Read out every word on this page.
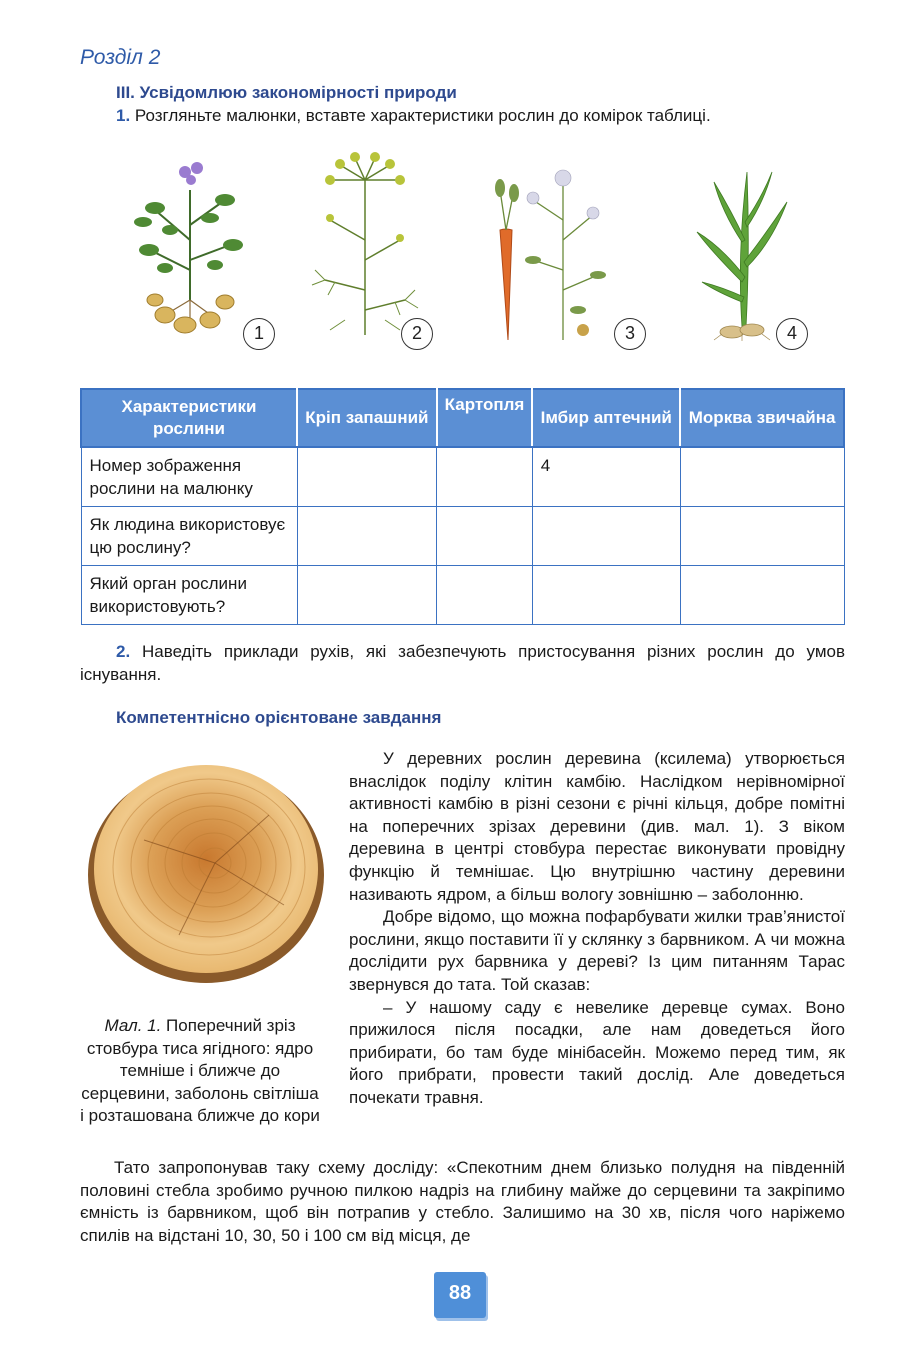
Розділ 2
III. Усвідомлюю закономірності природи
1. Розгляньте малюнки, вставте характеристики рослин до комірок таблиці.
1	2	3	4
Характеристики рослини	Кріп запашний	Картопля	Імбир аптечний	Морква звичайна
Номер зображення рослини на малюнку			4	
Як людина використовує цю рослину?				
Який орган рослини використовують?				
2. Наведіть приклади рухів, які забезпечують пристосування різних рослин до умов існування.
Компетентнісно орієнтоване завдання
Мал. 1. Поперечний зріз стовбура тиса ягідного: ядро темніше і ближче до серцевини, заболонь світліша і розташована ближче до кори

У деревних рослин деревина (ксилема) утворюється внаслідок поділу клітин камбію. Наслідком нерівномірної активності камбію в різні сезони є річні кільця, добре помітні на поперечних зрізах деревини (див. мал. 1). З віком деревина в центрі стовбура перестає виконувати провідну функцію й темнішає. Цю внутрішню частину деревини називають ядром, а більш вологу зовнішню – заболонню.

Добре відомо, що можна пофарбувати жилки трав’янистої рослини, якщо поставити її у склянку з барвником. А чи можна дослідити рух барвника у дереві? Із цим питанням Тарас звернувся до тата. Той сказав:

– У нашому саду є невелике деревце сумах. Воно прижилося після посадки, але нам доведеться його прибирати, бо там буде мінібасейн. Можемо перед тим, як його прибрати, провести такий дослід. Але доведеться почекати травня.

Тато запропонував таку схему досліду: «Спекотним днем близько полудня на південній половині стебла зробимо ручною пилкою надріз на глибину майже до серцевини та закріпимо ємність із барвником, щоб він потрапив у стебло. Залишимо на 30 хв, після чого наріжемо спилів на відстані 10, 30, 50 і 100 см від місця, де

88
